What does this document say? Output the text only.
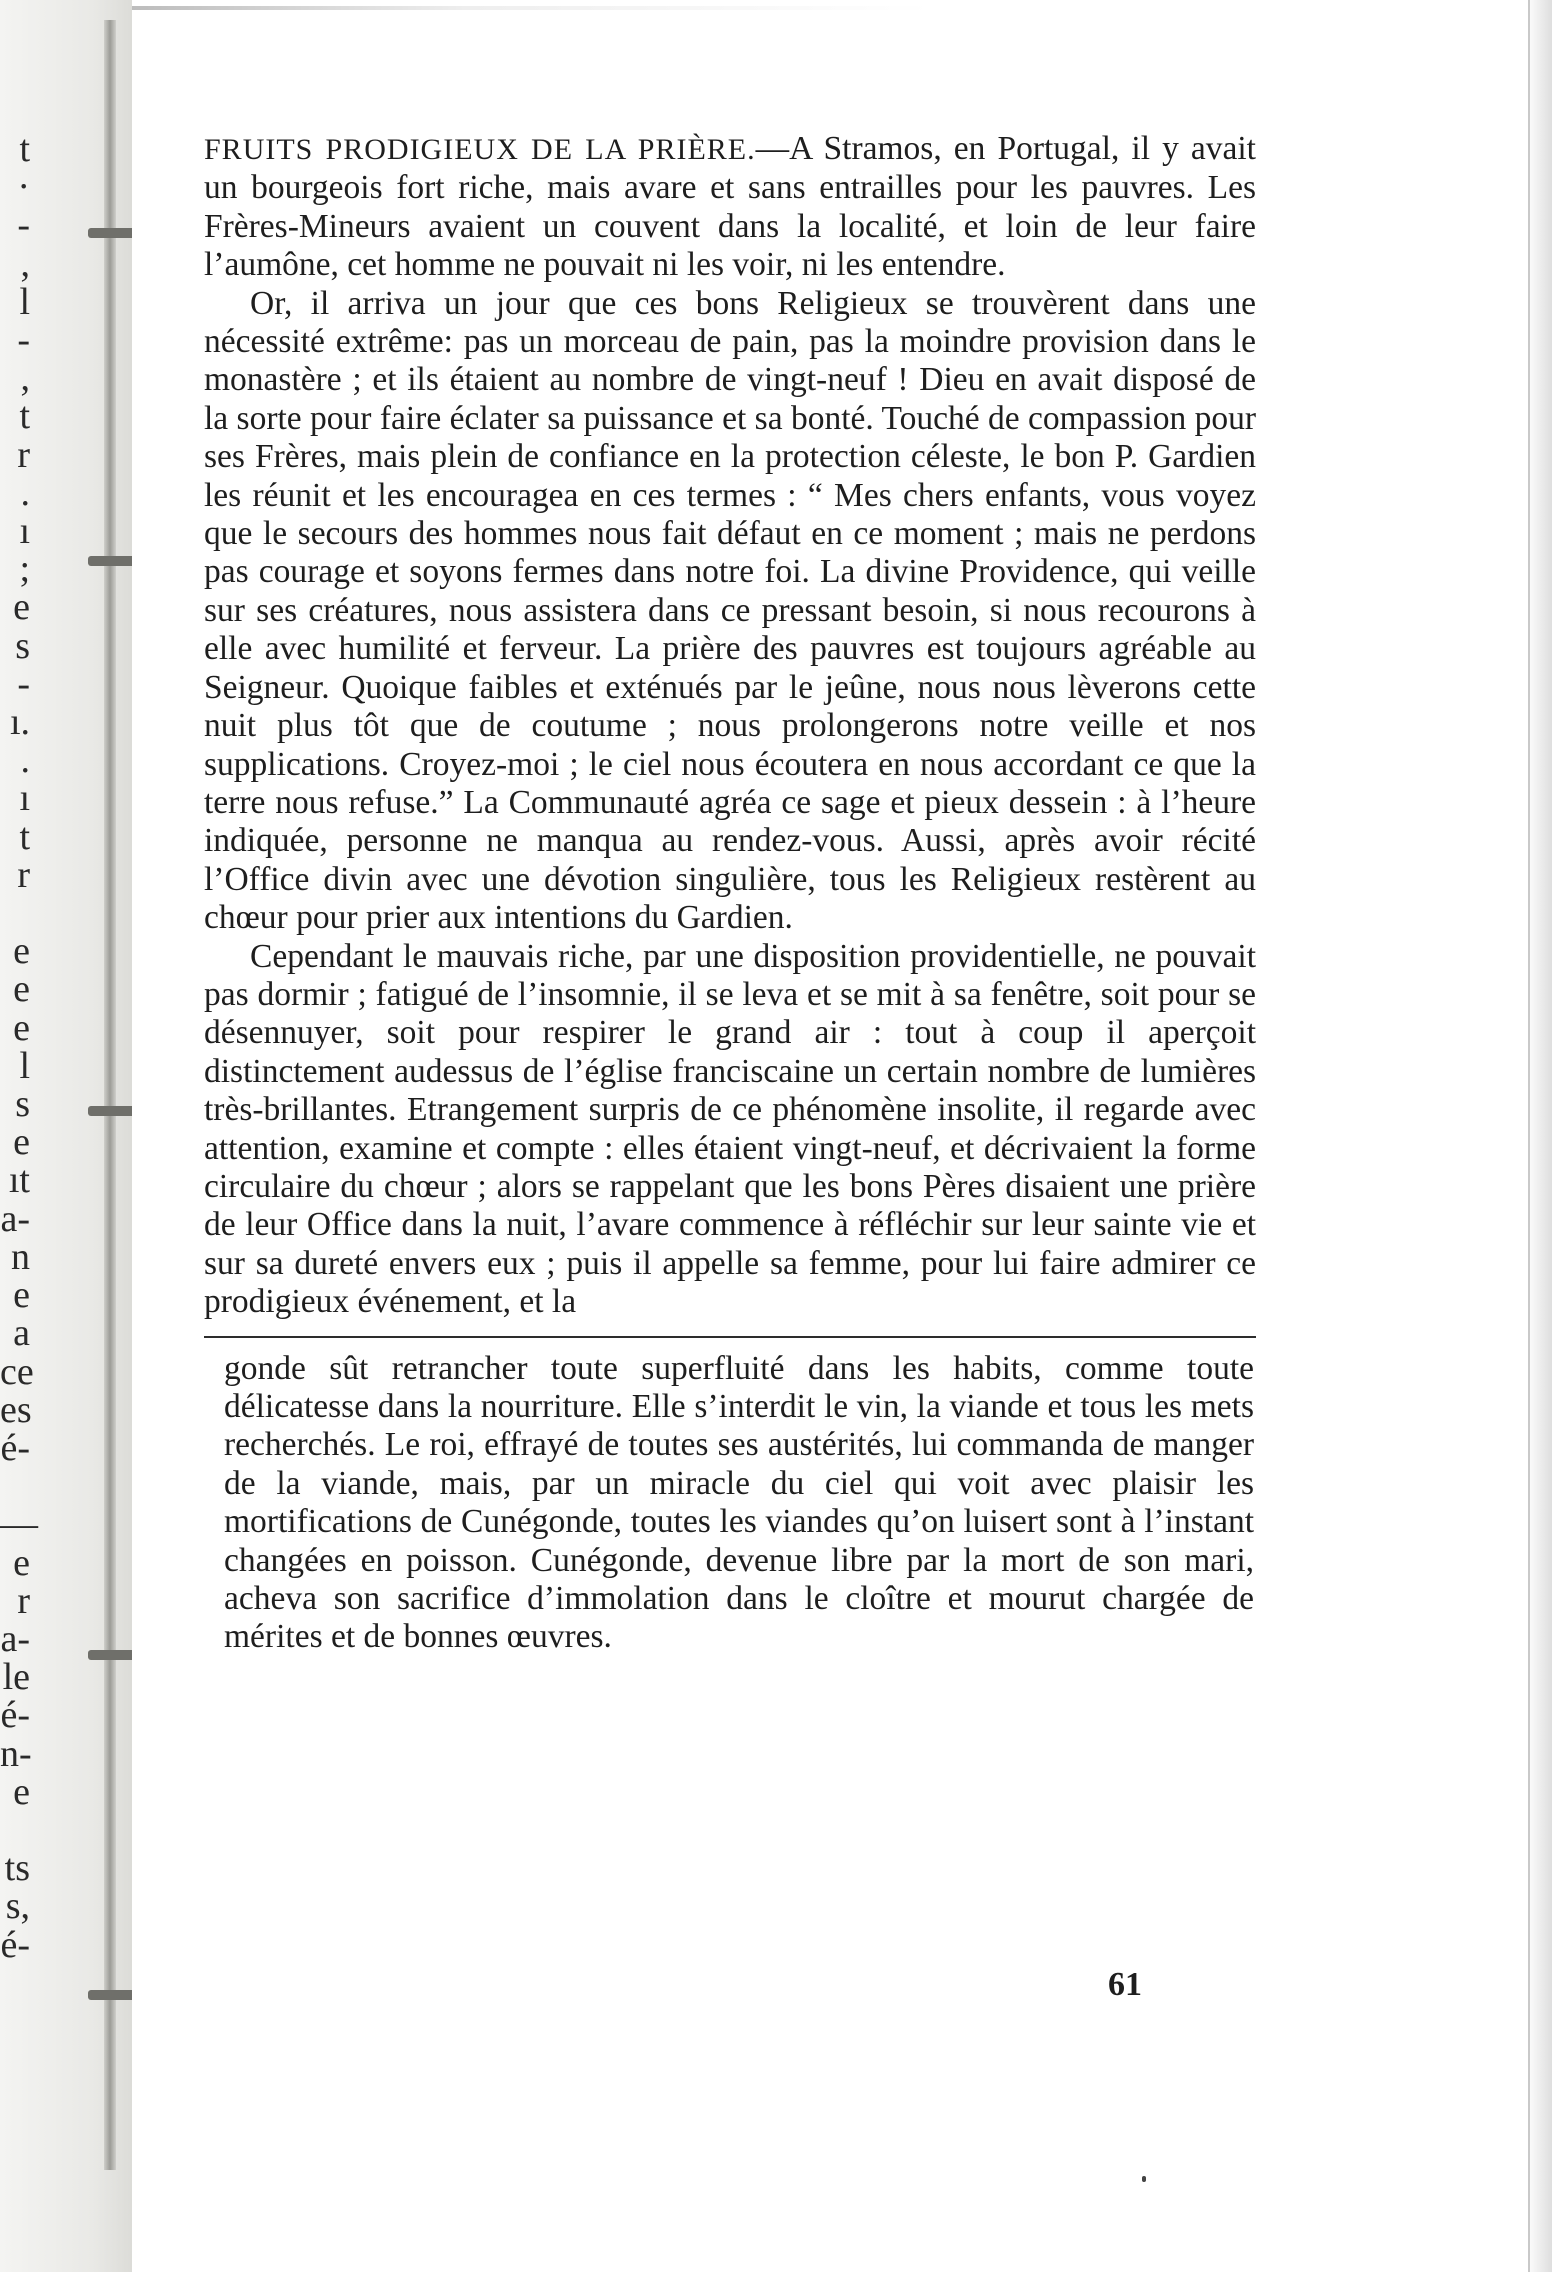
t
·
-
,
l
-
,
t
r
.
ı
;
e
s
-
ı.
.
ı
t
r

e
e
e
l
s
e
ıt
a-
n
e
a
ce
es
é-

—
e
r
a-
le
é-
n-
e

ts
s,
é-

FRUITS PRODIGIEUX DE LA PRIÈRE.—A Stramos, en Portugal, il y avait un bourgeois fort riche, mais avare et sans entrailles pour les pauvres. Les Frères-Mineurs avaient un couvent dans la localité, et loin de leur faire l’aumône, cet homme ne pouvait ni les voir, ni les entendre.

Or, il arriva un jour que ces bons Religieux se trouvèrent dans une nécessité extrême: pas un morceau de pain, pas la moindre provision dans le monastère ; et ils étaient au nombre de vingt-neuf ! Dieu en avait disposé de la sorte pour faire éclater sa puissance et sa bonté. Touché de compassion pour ses Frères, mais plein de confiance en la protection céleste, le bon P. Gardien les réunit et les encouragea en ces termes : “ Mes chers enfants, vous voyez que le secours des hommes nous fait défaut en ce moment ; mais ne perdons pas courage et soyons fermes dans notre foi. La divine Providence, qui veille sur ses créatures, nous assistera dans ce pressant besoin, si nous recourons à elle avec humilité et ferveur. La prière des pauvres est toujours agréable au Seigneur. Quoique faibles et exténués par le jeûne, nous nous lèverons cette nuit plus tôt que de coutume ; nous prolongerons notre veille et nos supplications. Croyez-moi ; le ciel nous écoutera en nous accordant ce que la terre nous refuse.” La Communauté agréa ce sage et pieux dessein : à l’heure indiquée, personne ne manqua au rendez-vous. Aussi, après avoir récité l’Office divin avec une dévotion singulière, tous les Religieux restèrent au chœur pour prier aux intentions du Gardien.

Cependant le mauvais riche, par une disposition providentielle, ne pouvait pas dormir ; fatigué de l’insomnie, il se leva et se mit à sa fenêtre, soit pour se désennuyer, soit pour respirer le grand air : tout à coup il aperçoit distinctement audessus de l’église franciscaine un certain nombre de lumières très-brillantes. Etrangement surpris de ce phénomène insolite, il regarde avec attention, examine et compte : elles étaient vingt-neuf, et décrivaient la forme circulaire du chœur ; alors se rappelant que les bons Pères disaient une prière de leur Office dans la nuit, l’avare commence à réfléchir sur leur sainte vie et sur sa dureté envers eux ; puis il appelle sa femme, pour lui faire admirer ce prodigieux événement, et la

gonde sût retrancher toute superfluité dans les habits, comme toute délicatesse dans la nourriture. Elle s’interdit le vin, la viande et tous les mets recherchés. Le roi, effrayé de toutes ses austérités, lui commanda de manger de la viande, mais, par un miracle du ciel qui voit avec plaisir les mortifications de Cunégonde, toutes les viandes qu’on luisert sont à l’instant changées en poisson. Cunégonde, devenue libre par la mort de son mari, acheva son sacrifice d’immolation dans le cloître et mourut chargée de mérites et de bonnes œuvres.

61
